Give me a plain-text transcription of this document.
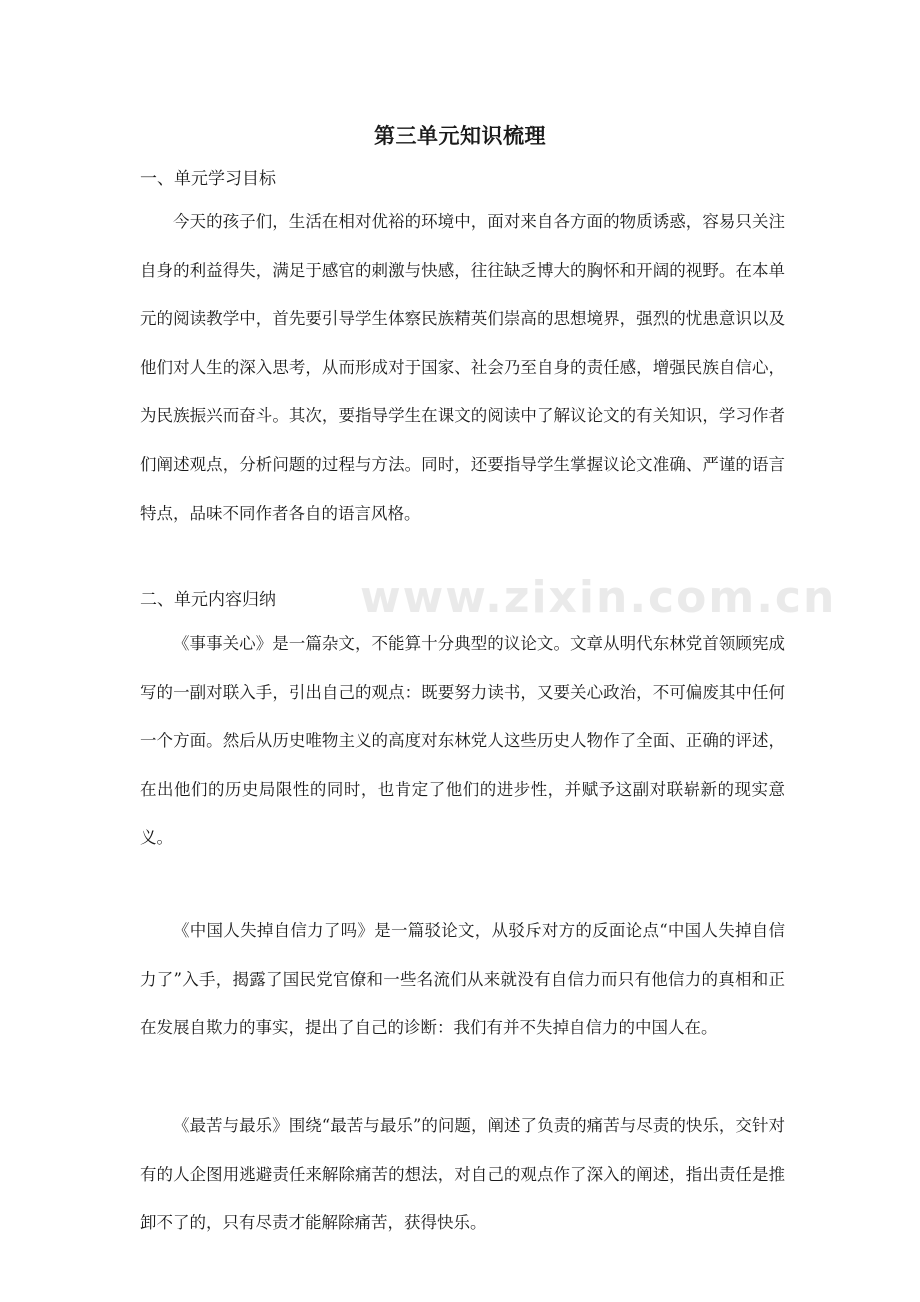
第三单元知识梳理
一、单元学习目标

今天的孩子们，生活在相对优裕的环境中，面对来自各方面的物质诱惑，容易只关注自身的利益得失，满足于感官的刺激与快感，往往缺乏博大的胸怀和开阔的视野。在本单元的阅读教学中，首先要引导学生体察民族精英们崇高的思想境界，强烈的忧患意识以及他们对人生的深入思考，从而形成对于国家、社会乃至自身的责任感，增强民族自信心，为民族振兴而奋斗。其次，要指导学生在课文的阅读中了解议论文的有关知识，学习作者们阐述观点，分析问题的过程与方法。同时，还要指导学生掌握议论文准确、严谨的语言特点，品味不同作者各自的语言风格。

二、单元内容归纳

《事事关心》是一篇杂文，不能算十分典型的议论文。文章从明代东林党首领顾宪成写的一副对联入手，引出自己的观点：既要努力读书，又要关心政治，不可偏废其中任何一个方面。然后从历史唯物主义的高度对东林党人这些历史人物作了全面、正确的评述，在出他们的历史局限性的同时，也肯定了他们的进步性，并赋予这副对联崭新的现实意义。

《中国人失掉自信力了吗》是一篇驳论文，从驳斥对方的反面论点“中国人失掉自信力了”入手，揭露了国民党官僚和一些名流们从来就没有自信力而只有他信力的真相和正在发展自欺力的事实，提出了自己的诊断：我们有并不失掉自信力的中国人在。

《最苦与最乐》围绕“最苦与最乐”的问题，阐述了负责的痛苦与尽责的快乐，交针对有的人企图用逃避责任来解除痛苦的想法，对自己的观点作了深入的阐述，指出责任是推卸不了的，只有尽责才能解除痛苦，获得快乐。

www.zixin.com.cn
